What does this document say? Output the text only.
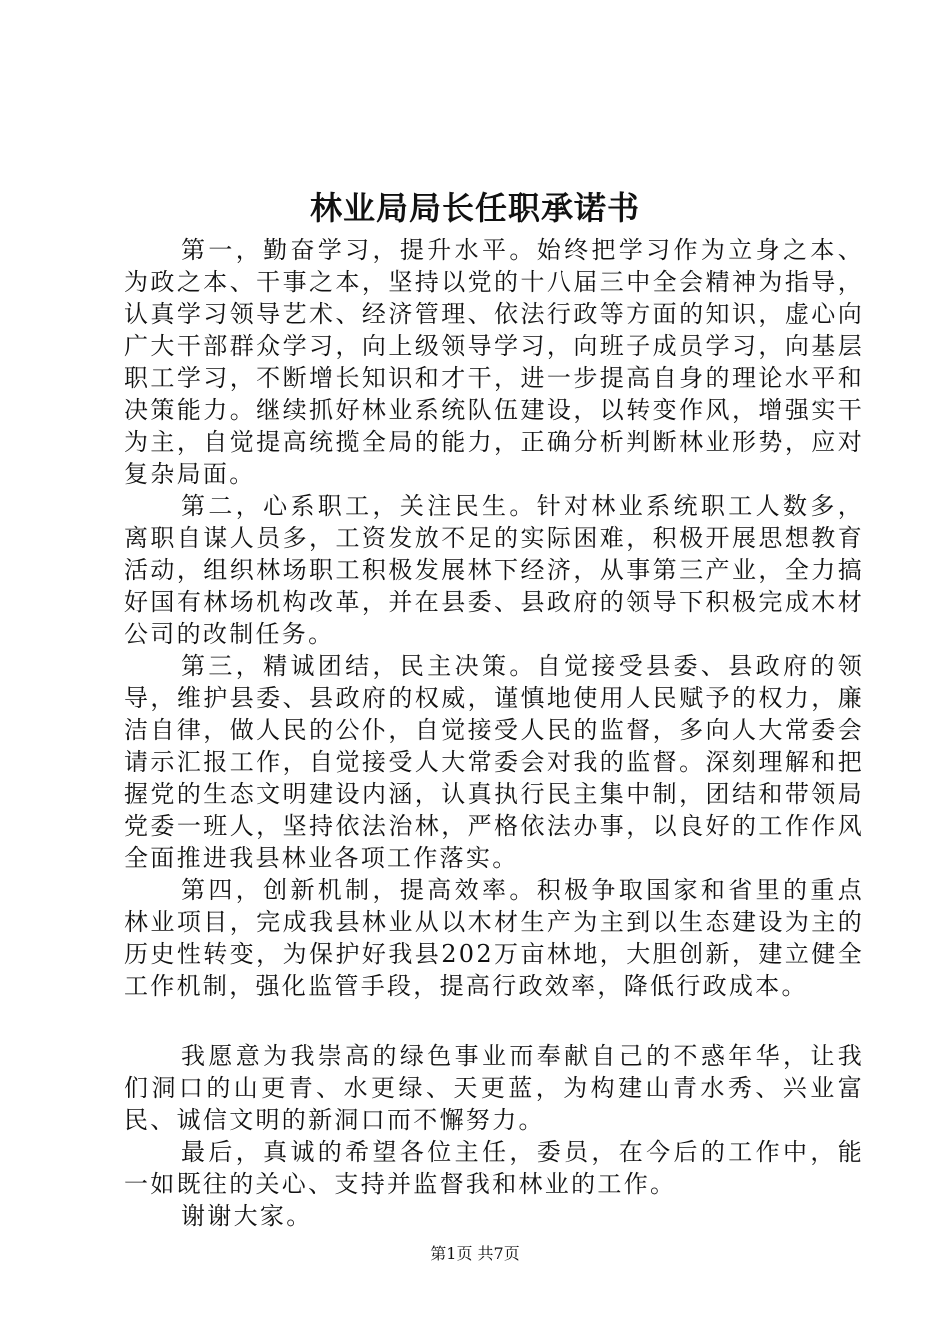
林业局局长任职承诺书

第一，勤奋学习，提升水平。始终把学习作为立身之本、为政之本、干事之本，坚持以党的十八届三中全会精神为指导，认真学习领导艺术、经济管理、依法行政等方面的知识，虚心向广大干部群众学习，向上级领导学习，向班子成员学习，向基层职工学习，不断增长知识和才干，进一步提高自身的理论水平和决策能力。继续抓好林业系统队伍建设，以转变作风，增强实干为主，自觉提高统揽全局的能力，正确分析判断林业形势，应对复杂局面。

第二，心系职工，关注民生。针对林业系统职工人数多，离职自谋人员多，工资发放不足的实际困难，积极开展思想教育活动，组织林场职工积极发展林下经济，从事第三产业，全力搞好国有林场机构改革，并在县委、县政府的领导下积极完成木材公司的改制任务。

第三，精诚团结，民主决策。自觉接受县委、县政府的领导，维护县委、县政府的权威，谨慎地使用人民赋予的权力，廉洁自律，做人民的公仆，自觉接受人民的监督，多向人大常委会请示汇报工作，自觉接受人大常委会对我的监督。深刻理解和把握党的生态文明建设内涵，认真执行民主集中制，团结和带领局党委一班人，坚持依法治林，严格依法办事，以良好的工作作风全面推进我县林业各项工作落实。

第四，创新机制，提高效率。积极争取国家和省里的重点林业项目，完成我县林业从以木材生产为主到以生态建设为主的历史性转变，为保护好我县202万亩林地，大胆创新，建立健全工作机制，强化监管手段，提高行政效率，降低行政成本。

我愿意为我崇高的绿色事业而奉献自己的不惑年华，让我们洞口的山更青、水更绿、天更蓝，为构建山青水秀、兴业富民、诚信文明的新洞口而不懈努力。

最后，真诚的希望各位主任，委员，在今后的工作中，能一如既往的关心、支持并监督我和林业的工作。

谢谢大家。

第1页 共7页
